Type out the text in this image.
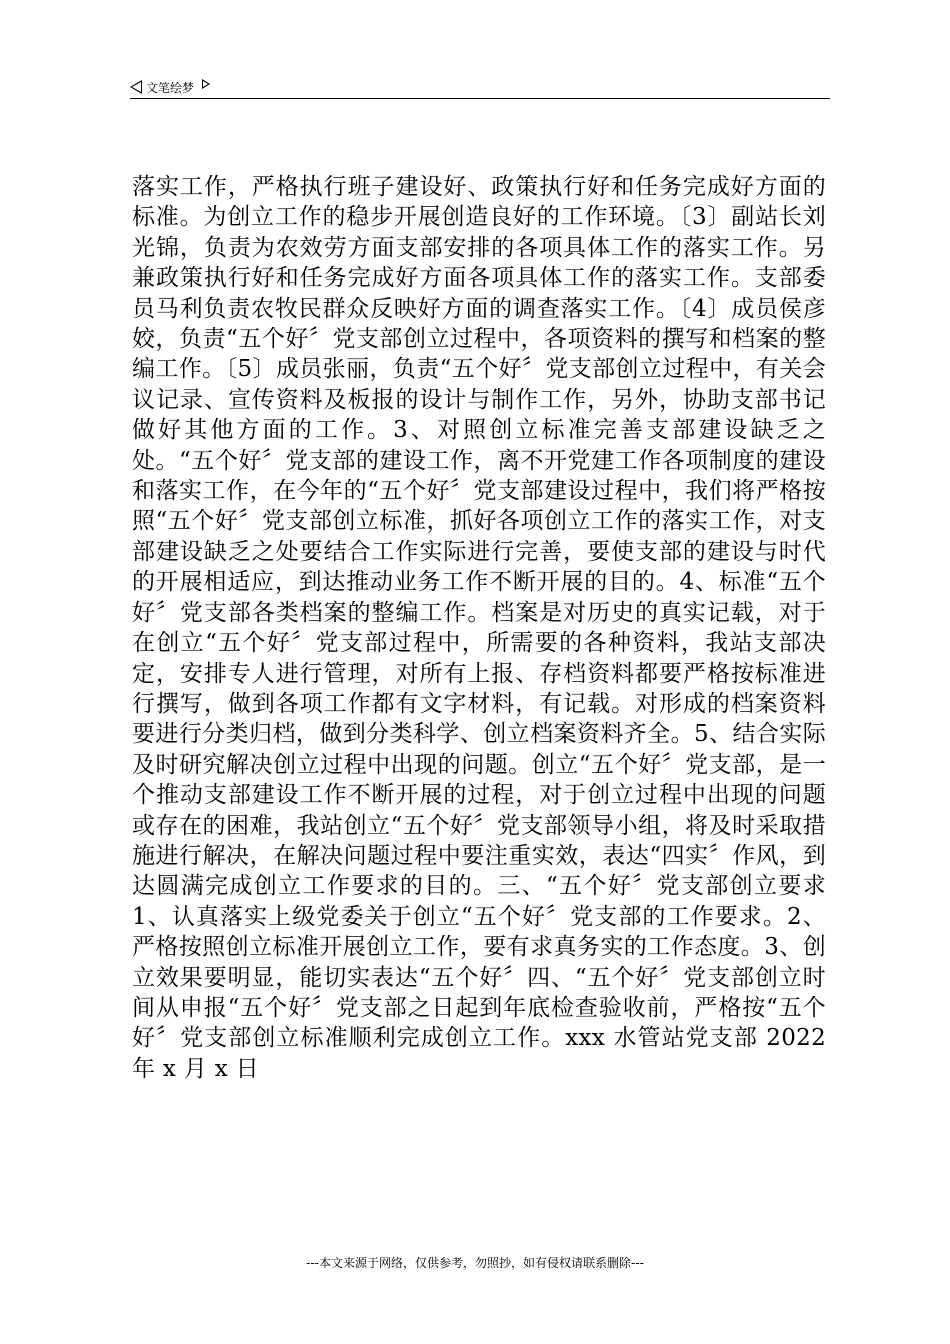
文笔绘梦

落实工作，严格执行班子建设好、政策执行好和任务完成好方面的标准。为创立工作的稳步开展创造良好的工作环境。〔3〕副站长刘光锦，负责为农效劳方面支部安排的各项具体工作的落实工作。另兼政策执行好和任务完成好方面各项具体工作的落实工作。支部委员马利负责农牧民群众反映好方面的调查落实工作。〔4〕成员侯彦姣，负责“五个好〞党支部创立过程中，各项资料的撰写和档案的整编工作。〔5〕成员张丽，负责“五个好〞党支部创立过程中，有关会议记录、宣传资料及板报的设计与制作工作，另外，协助支部书记做好其他方面的工作。3、对照创立标准完善支部建设缺乏之处。“五个好〞党支部的建设工作，离不开党建工作各项制度的建设和落实工作，在今年的“五个好〞党支部建设过程中，我们将严格按照“五个好〞党支部创立标准，抓好各项创立工作的落实工作，对支部建设缺乏之处要结合工作实际进行完善，要使支部的建设与时代的开展相适应，到达推动业务工作不断开展的目的。4、标准“五个好〞党支部各类档案的整编工作。档案是对历史的真实记载，对于在创立“五个好〞党支部过程中，所需要的各种资料，我站支部决定，安排专人进行管理，对所有上报、存档资料都要严格按标准进行撰写，做到各项工作都有文字材料，有记载。对形成的档案资料要进行分类归档，做到分类科学、创立档案资料齐全。5、结合实际及时研究解决创立过程中出现的问题。创立“五个好〞党支部，是一个推动支部建设工作不断开展的过程，对于创立过程中出现的问题或存在的困难，我站创立“五个好〞党支部领导小组，将及时采取措施进行解决，在解决问题过程中要注重实效，表达“四实〞作风，到达圆满完成创立工作要求的目的。三、“五个好〞党支部创立要求 1、认真落实上级党委关于创立“五个好〞党支部的工作要求。2、严格按照创立标准开展创立工作，要有求真务实的工作态度。3、创立效果要明显，能切实表达“五个好〞四、“五个好〞党支部创立时间从申报“五个好〞党支部之日起到年底检查验收前，严格按“五个好〞党支部创立标准顺利完成创立工作。xxx 水管站党支部 2022 年 x 月 x 日

---本文来源于网络，仅供参考，勿照抄，如有侵权请联系删除---
